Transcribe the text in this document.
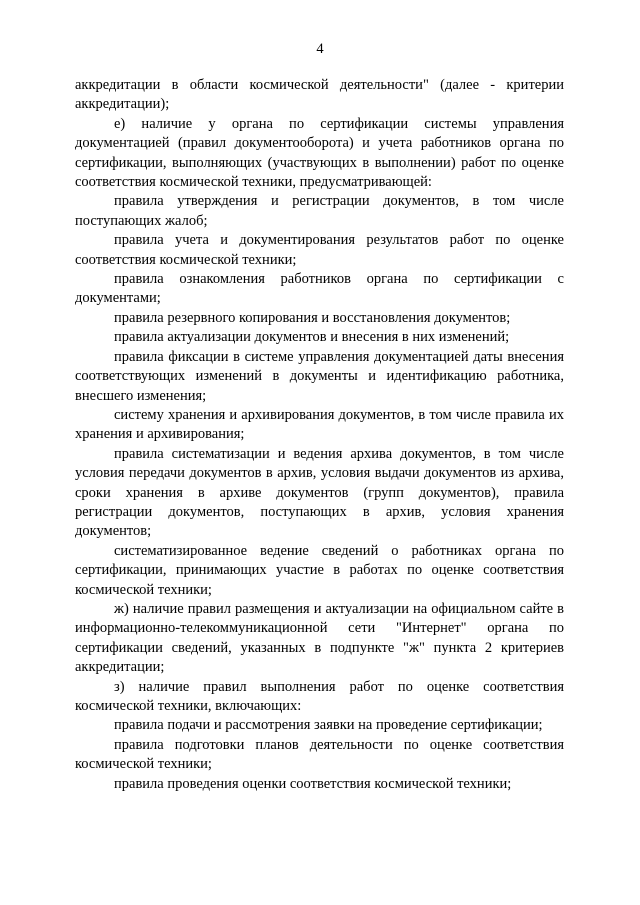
4

аккредитации в области космической деятельности" (далее - критерии аккредитации);

е) наличие у органа по сертификации системы управления документацией (правил документооборота) и учета работников органа по сертификации, выполняющих (участвующих в выполнении) работ по оценке соответствия космической техники, предусматривающей:

правила утверждения и регистрации документов, в том числе поступающих жалоб;

правила учета и документирования результатов работ по оценке соответствия космической техники;

правила ознакомления работников органа по сертификации с документами;

правила резервного копирования и восстановления документов;

правила актуализации документов и внесения в них изменений;

правила фиксации в системе управления документацией даты внесения соответствующих изменений в документы и идентификацию работника, внесшего изменения;

систему хранения и архивирования документов, в том числе правила их хранения и архивирования;

правила систематизации и ведения архива документов, в том числе условия передачи документов в архив, условия выдачи документов из архива, сроки хранения в архиве документов (групп документов), правила регистрации документов, поступающих в архив, условия хранения документов;

систематизированное ведение сведений о работниках органа по сертификации, принимающих участие в работах по оценке соответствия космической техники;

ж) наличие правил размещения и актуализации на официальном сайте в информационно-телекоммуникационной сети "Интернет" органа по сертификации сведений, указанных в подпункте "ж" пункта 2 критериев аккредитации;

з) наличие правил выполнения работ по оценке соответствия космической техники, включающих:

правила подачи и рассмотрения заявки на проведение сертификации;

правила подготовки планов деятельности по оценке соответствия космической техники;

правила проведения оценки соответствия космической техники;
